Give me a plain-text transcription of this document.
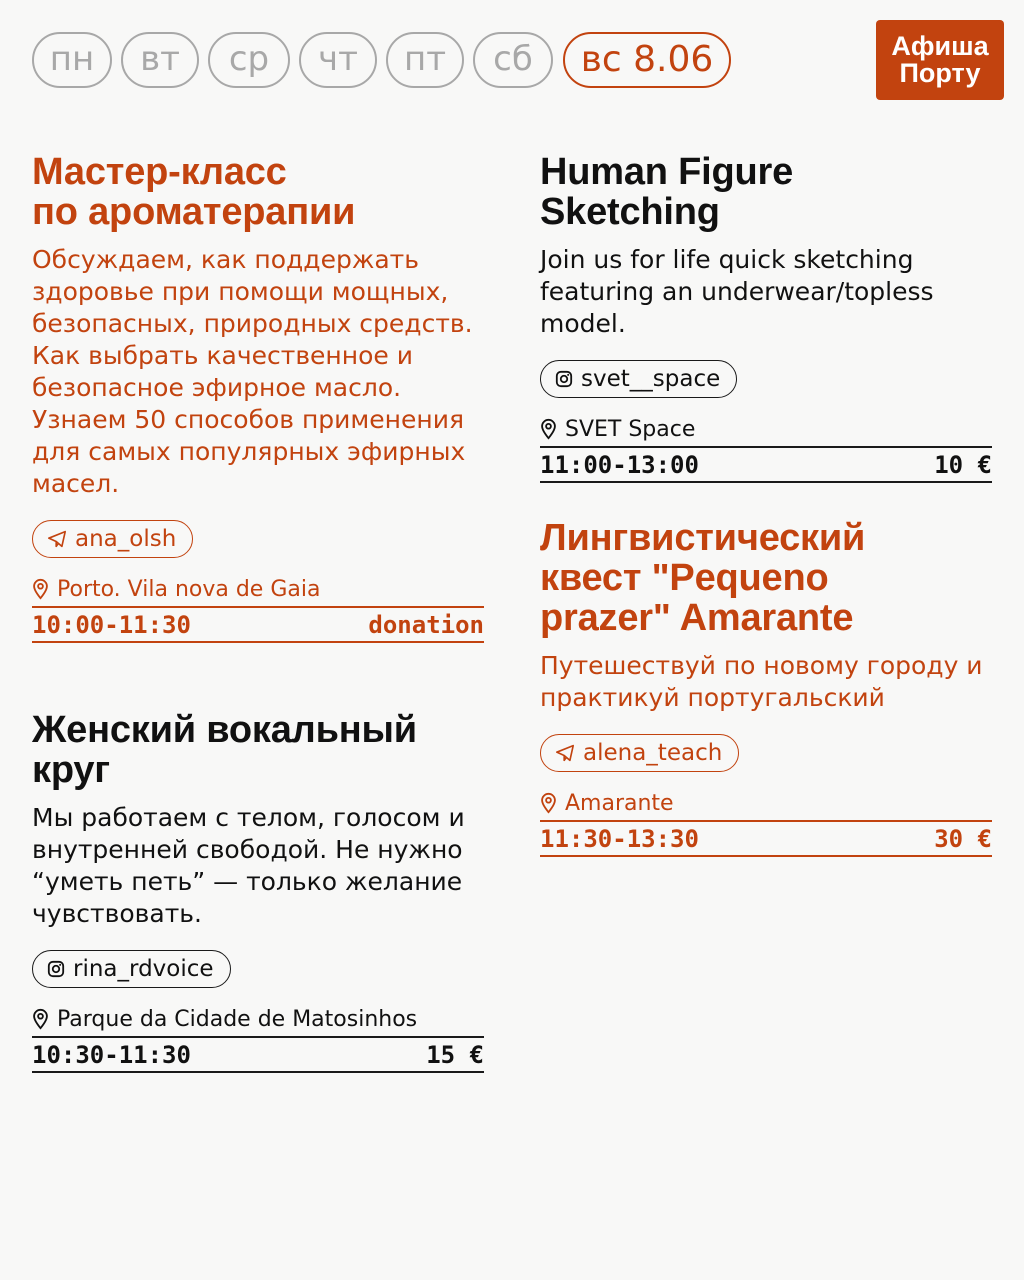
пн	вт	ср	чт	пт	сб	вс 8.06	Афиша
Порту
Мастер-класс
по ароматерапии
Обсуждаем, как поддержать здоровье при помощи мощных, безопасных, природных средств. Как выбрать качественное и безопасное эфирное масло. Узнаем 50 способов применения для самых популярных эфирных масел.
ana_olsh
Porto. Vila nova de Gaia
10:00-11:30	donation
Женский вокальный
круг
Мы работаем с телом, голосом и внутренней свободой. Не нужно “уметь петь” — только желание чувствовать.
rina_rdvoice
Parque da Cidade de Matosinhos
10:30-11:30	15 €
Human Figure
Sketching
Join us for life quick sketching featuring an underwear/topless model.
svet__space
SVET Space
11:00-13:00	10 €
Лингвистический
квест "Pequeno
prazer" Amarante
Путешествуй по новому городу и практикуй португальский
alena_teach
Amarante
11:30-13:30	30 €
